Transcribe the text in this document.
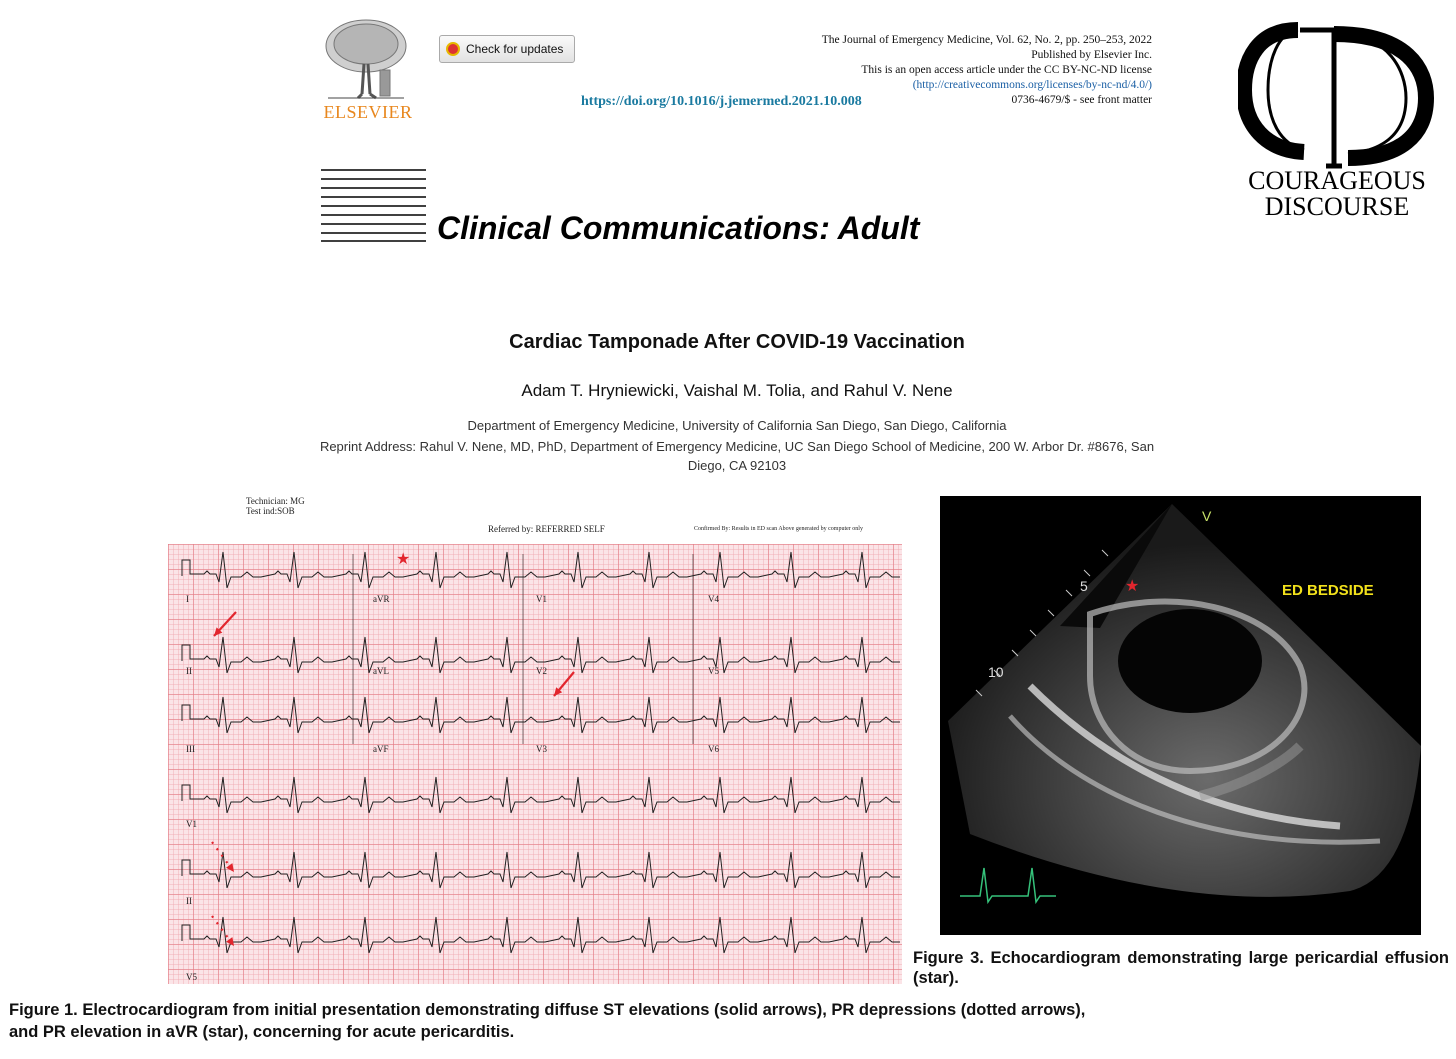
ELSEVIER
Check for updates
The Journal of Emergency Medicine, Vol. 62, No. 2, pp. 250–253, 2022
Published by Elsevier Inc.
This is an open access article under the CC BY-NC-ND license
(http://creativecommons.org/licenses/by-nc-nd/4.0/)
0736-4679/$ - see front matter
https://doi.org/10.1016/j.jemermed.2021.10.008
COURAGEOUS
DISCOURSE
Clinical Communications: Adult
Cardiac Tamponade After COVID-19 Vaccination
Adam T. Hryniewicki, Vaishal M. Tolia, and Rahul V. Nene
Department of Emergency Medicine, University of California San Diego, San Diego, California
Reprint Address: Rahul V. Nene, MD, PhD, Department of Emergency Medicine, UC San Diego School of Medicine, 200 W. Arbor Dr. #8676, San Diego, CA 92103
Technician: MG
Test ind:SOB
Referred by: REFERRED SELF	Confirmed By: Results in ED scan Above generated by computer only
★
I	aVR	V1	V4
II	aVL	V2	V5
III	aVF	V3	V6
V1
II
V5
★
V
ED BEDSIDE
5
10
Figure 3. Echocardiogram demonstrating large pericardial effusion (star).
Figure 1. Electrocardiogram from initial presentation demonstrating diffuse ST elevations (solid arrows), PR depressions (dotted arrows), and PR elevation in aVR (star), concerning for acute pericarditis.
